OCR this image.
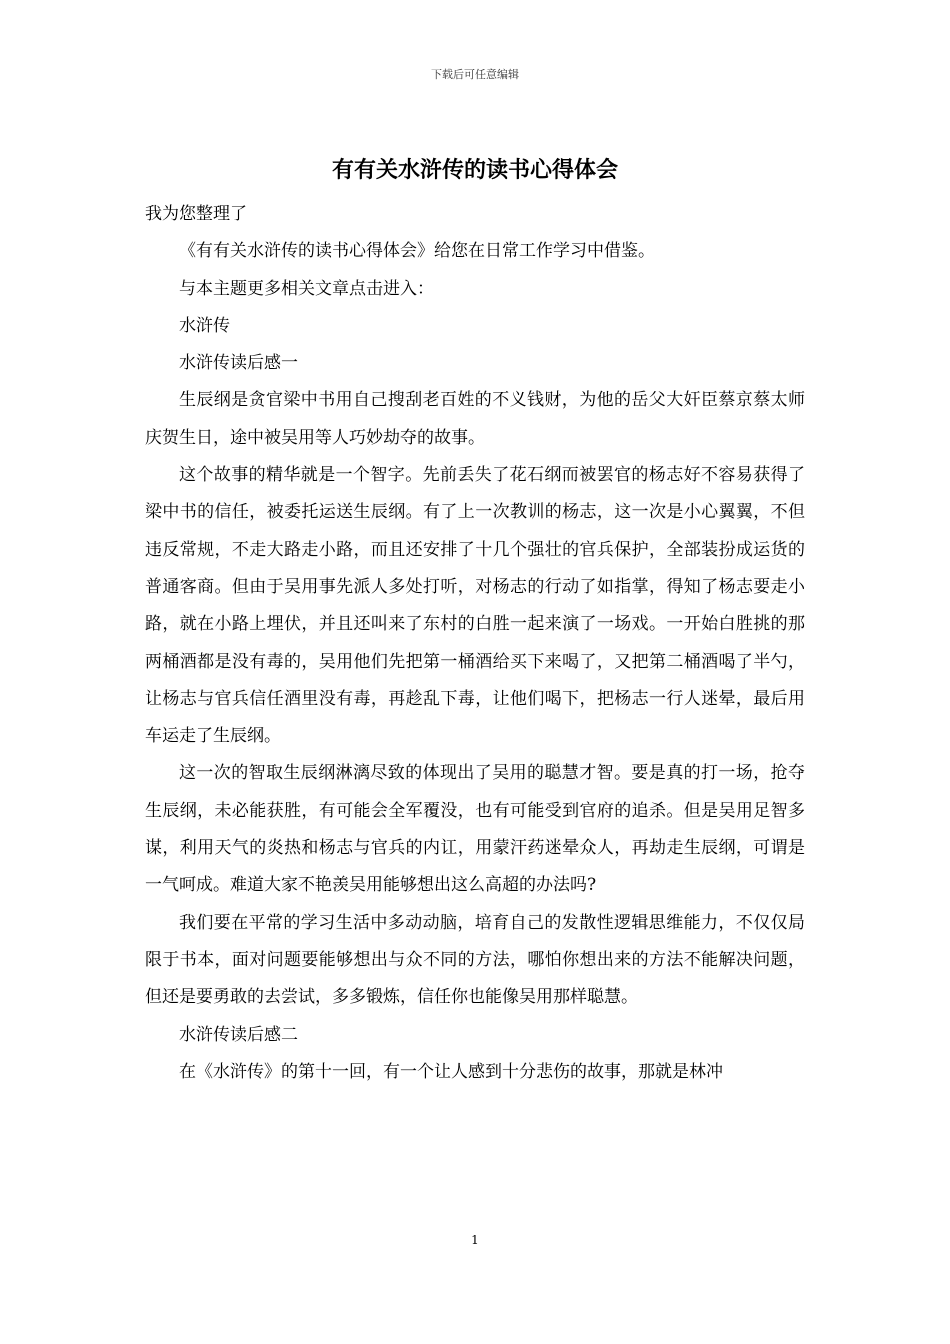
下载后可任意编辑
有有关水浒传的读书心得体会

我为您整理了

《有有关水浒传的读书心得体会》给您在日常工作学习中借鉴。

与本主题更多相关文章点击进入：

水浒传

水浒传读后感一

生辰纲是贪官梁中书用自己搜刮老百姓的不义钱财，为他的岳父大奸臣蔡京蔡太师庆贺生日，途中被吴用等人巧妙劫夺的故事。

这个故事的精华就是一个智字。先前丢失了花石纲而被罢官的杨志好不容易获得了梁中书的信任，被委托运送生辰纲。有了上一次教训的杨志，这一次是小心翼翼，不但违反常规，不走大路走小路，而且还安排了十几个强壮的官兵保护，全部装扮成运货的普通客商。但由于吴用事先派人多处打听，对杨志的行动了如指掌，得知了杨志要走小路，就在小路上埋伏，并且还叫来了东村的白胜一起来演了一场戏。一开始白胜挑的那两桶酒都是没有毒的，吴用他们先把第一桶酒给买下来喝了，又把第二桶酒喝了半勺，让杨志与官兵信任酒里没有毒，再趁乱下毒，让他们喝下，把杨志一行人迷晕，最后用车运走了生辰纲。

这一次的智取生辰纲淋漓尽致的体现出了吴用的聪慧才智。要是真的打一场，抢夺生辰纲，未必能获胜，有可能会全军覆没，也有可能受到官府的追杀。但是吴用足智多谋，利用天气的炎热和杨志与官兵的内讧，用蒙汗药迷晕众人，再劫走生辰纲，可谓是一气呵成。难道大家不艳羡吴用能够想出这么高超的办法吗?

我们要在平常的学习生活中多动动脑，培育自己的发散性逻辑思维能力，不仅仅局限于书本，面对问题要能够想出与众不同的方法，哪怕你想出来的方法不能解决问题，但还是要勇敢的去尝试，多多锻炼，信任你也能像吴用那样聪慧。

水浒传读后感二

在《水浒传》的第十一回，有一个让人感到十分悲伤的故事，那就是林冲

1
